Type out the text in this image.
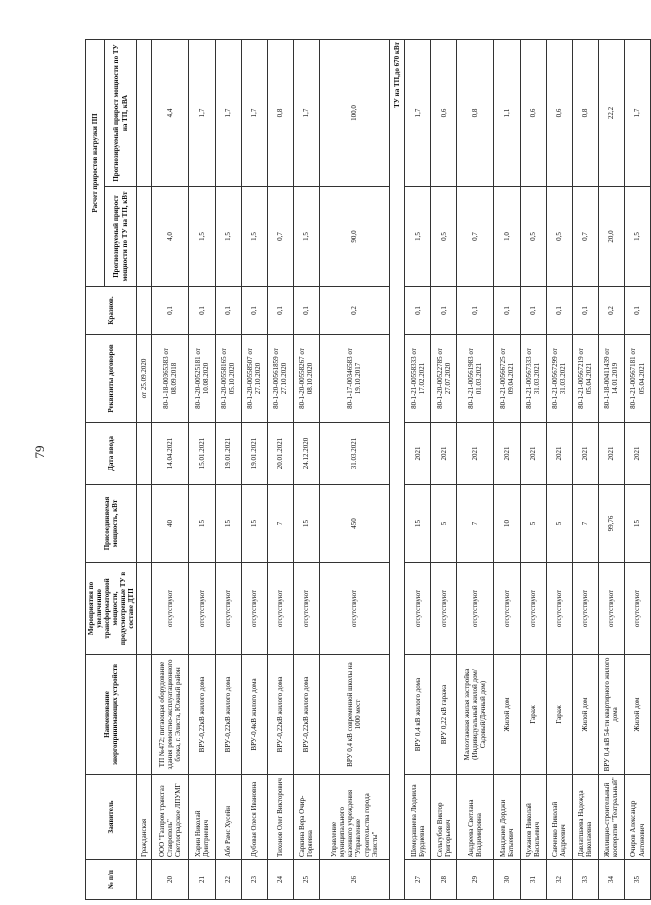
79
№ п/п	Заявитель	Наименование энергопринимающих устройств	Мероприятия по увеличению трансформаторной мощности, предусмотренные ТУ в составе ДТП	Присоединяемая мощность, кВт	Дата ввода	Реквизиты договоров	Кразнов.	Расчет приростов нагрузки ПП	
								Прогнозируемый прирост мощности по ТУ на ТП, кВт	Прогнозируемый прирост мощности по ТУ на ТП, кВА
	Гражданская					от 25.09.2020			
20	ООО "Газпром трансгаз Ставрополь" Светлоградское ЛПУМГ	ТП №472; питающая оборудование здания ремонтно-эксплуатационного блока, г. Элиста, Южный район	отсутствуют	40	14.04.2021	80-1-18-00365383 от 08.09.2018	0,1	4,0	4,4
21	Харин Николай Дмитриевич	ВРУ-0,22кВ жилого дома	отсутствуют	15	15.01.2021	80-1-20-00525181 от 10.08.2020	0,1	1,5	1,7
22	Абе Рамс Хусейн	ВРУ-0,22кВ жилого дома	отсутствуют	15	19.01.2021	80-1-20-00558165 от 05.10.2020	0,1	1,5	1,7
23	Дубовая Олеся Ивановна	ВРУ-0,4кВ жилого дома	отсутствуют	15	19.01.2021	80-1-20-00558507 от 27.10.2020	0,1	1,5	1,7
24	Тихонов Олег Викторович	ВРУ-0,22кВ жилого дома	отсутствуют	7	20.01.2021	80-1-20-00561859 от 27.10.2020	0,1	0,7	0,8
25	Саркина Вера Очир-Горяевна	ВРУ-0,22кВ жилого дома	отсутствуют	15	24.12.2020	80-1-20-00558267 от 08.10.2020	0,1	1,5	1,7
26	Управление муниципального казенного учреждения "Управление строительства города Элисты"	ВРУ 0,4 кВ современной школы на 1000 мест	отсутствуют	450	31.03.2021	80-1-17-00346583 от 19.10.2017	0,2	90,0	100,0
ТУ на ТП,до 670 кВт									
27	Шемедашиева Людмила Бурдиевна	ВРУ 0,4 кВ жилого дома	отсутствуют	15	2021	80-1-21-00558333 от 17.02.2021	0,1	1,5	1,7
28	Сельтубов Виктор Григорьевич	ВРУ 0,22 кВ гаража	отсутствуют	5	2021	80-1-20-00522785 от 27.07.2020	0,1	0,5	0,6
29	Андреева Светлана Владимировна	Малоэтажная жилая застройка (Индивидуальный жилой дом/ Садовый/Дачный дом)	отсутствуют	7	2021	80-1-21-00561983 от 01.03.2021	0,1	0,7	0,8
30	Манджиев Дорджи Батыевич	Жилой дом	отсутствуют	10	2021	80-1-21-00566725 от 09.04.2021	0,1	1,0	1,1
31	Чужанов Николай Васильевич	Гараж	отсутствуют	5	2021	80-1-21-00567333 от 31.03.2021	0,1	0,5	0,6
32	Савченко Николай Андреевич	Гараж	отсутствуют	5	2021	80-1-21-00567299 от 31.03.2021	0,1	0,5	0,6
33	Давлатшаева Надежда Николаевна	Жилой дом	отсутствуют	7	2021	80-1-21-00567219 от 05.04.2021	0,1	0,7	0,8
34	Жилищно-строительный кооператив "Театральный"	ВРУ 0,4 кВ 54-ти квартирного жилого дома	отсутствуют	99,76	2021	80-1-18-00411439 от 14.01.2019	0,2	20,0	22,2
35	Очиров Александр Антонович	Жилой дом	отсутствуют	15	2021	80-1-21-00567181 от 05.04.2021	0,1	1,5	1,7
